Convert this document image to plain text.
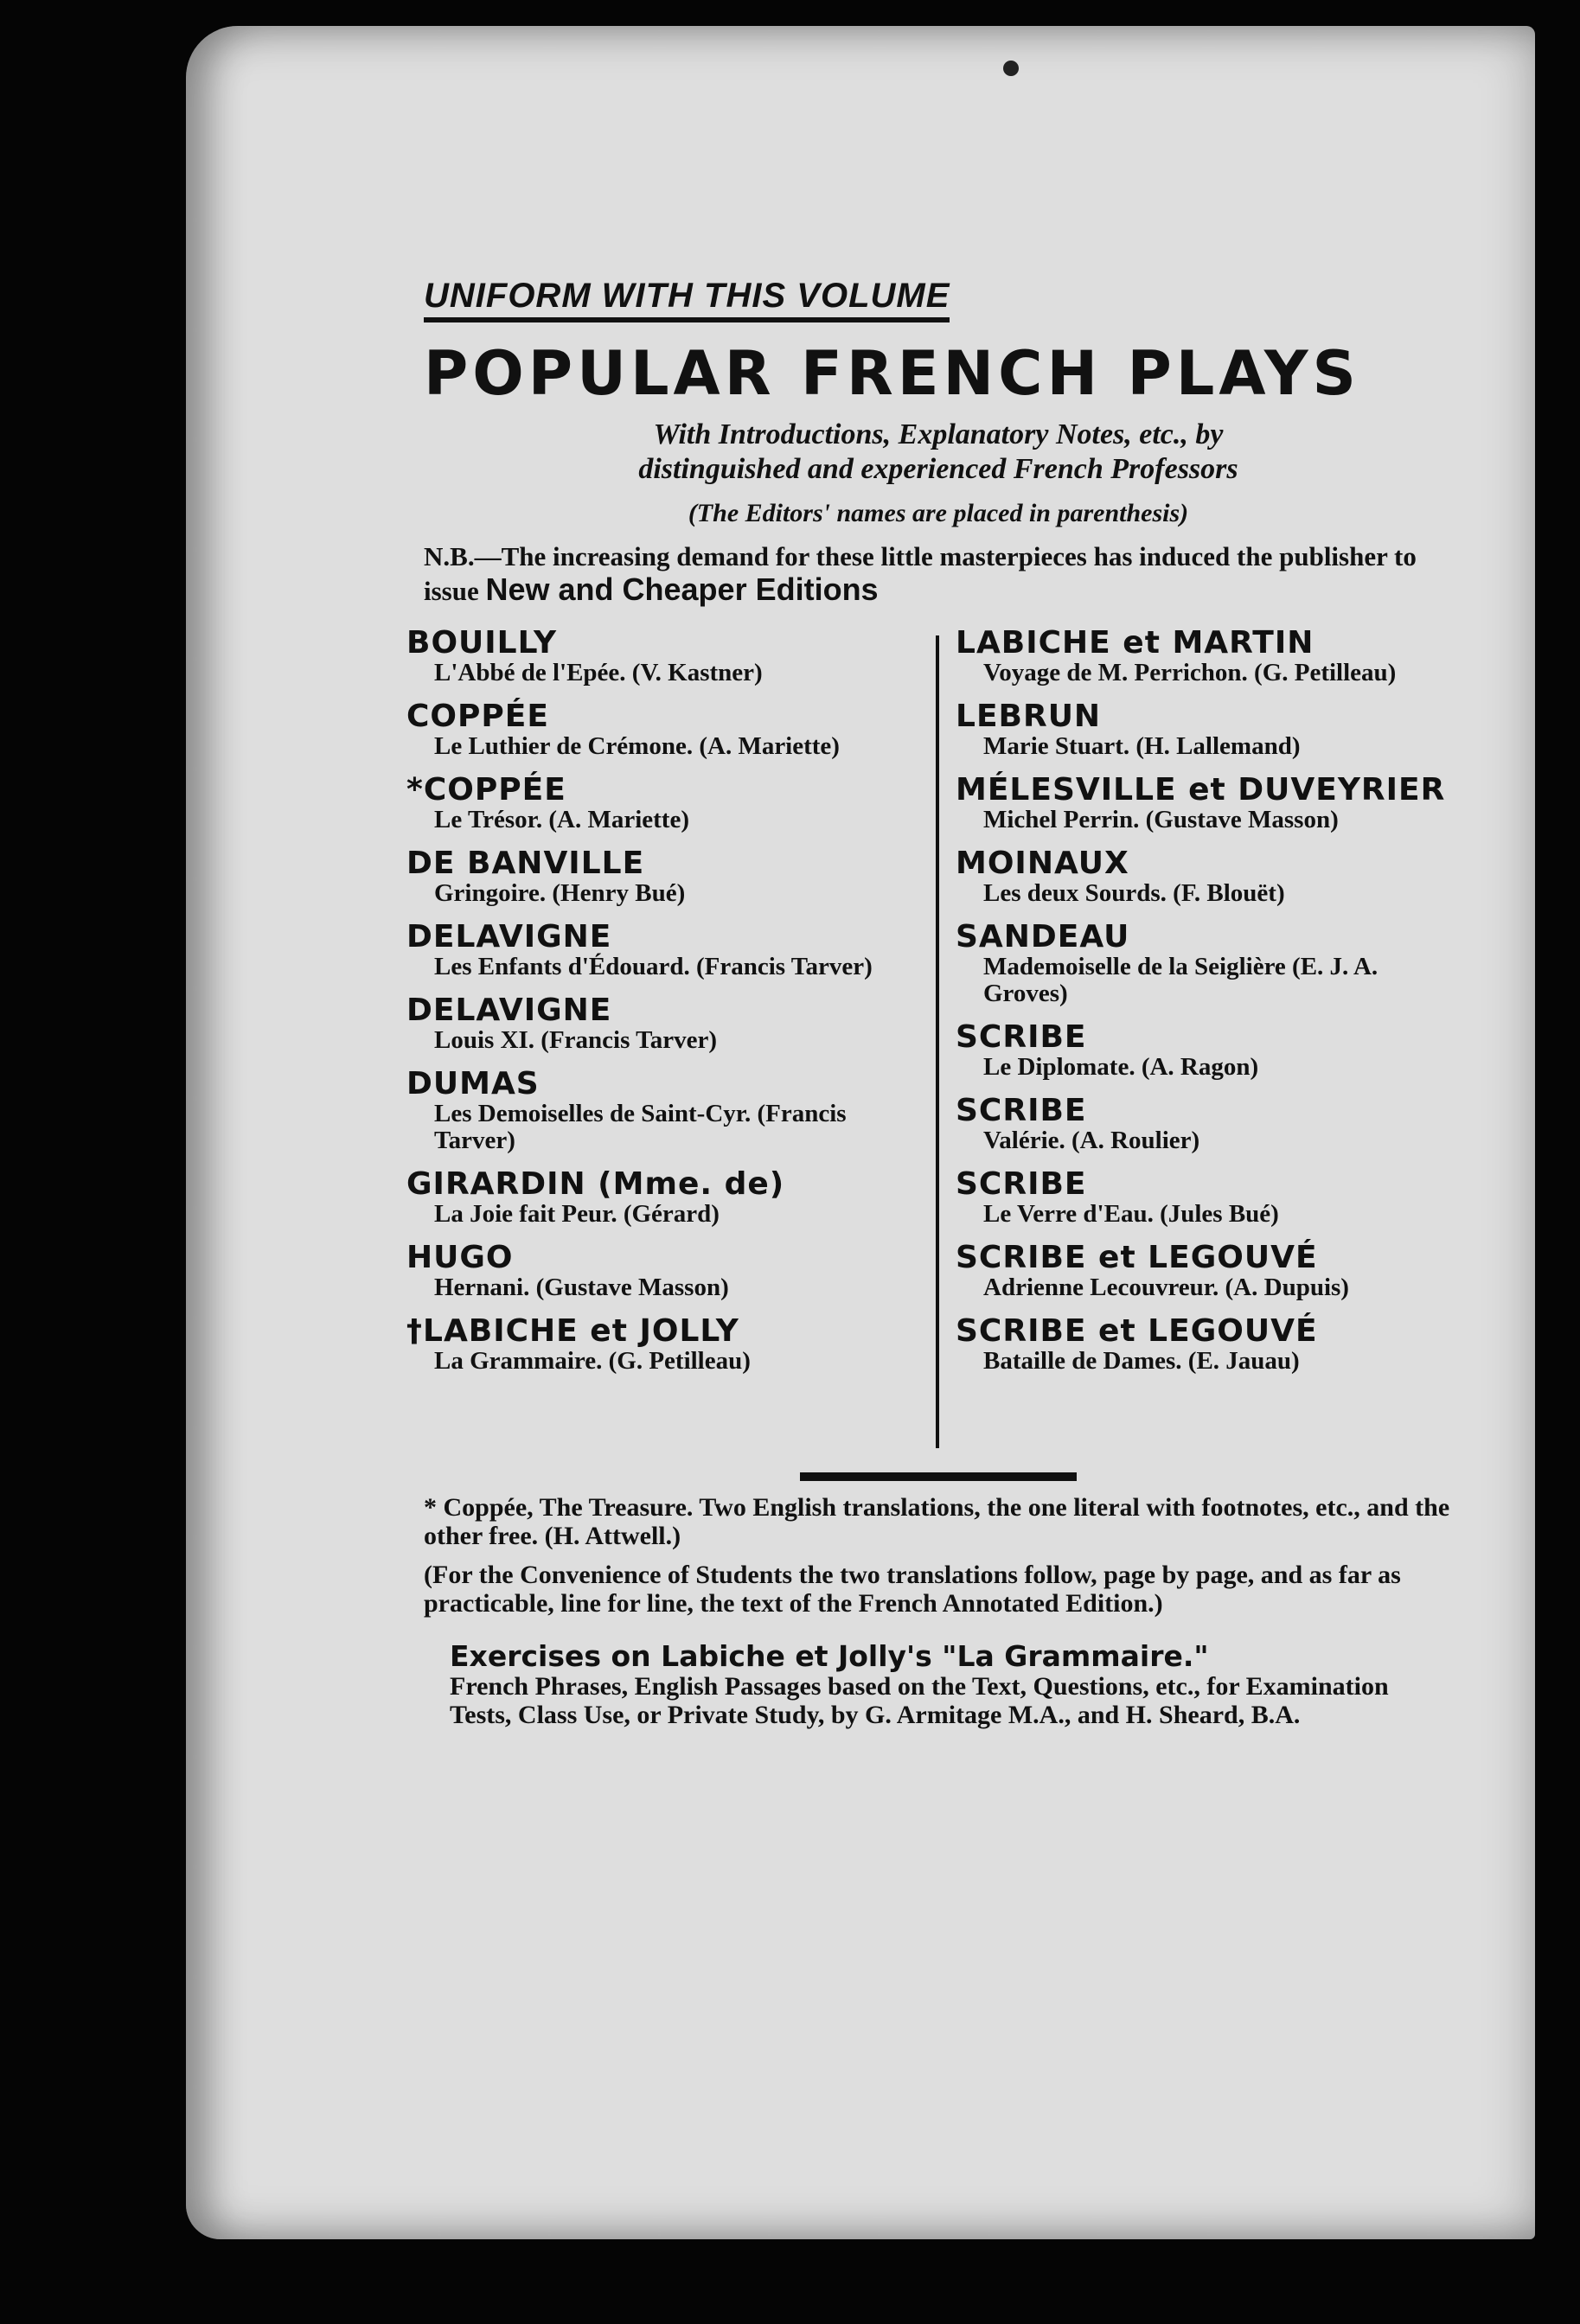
UNIFORM WITH THIS VOLUME
POPULAR FRENCH PLAYS
With Introductions, Explanatory Notes, etc., by
distinguished and experienced French Professors
(The Editors' names are placed in parenthesis)
N.B.—The increasing demand for these little masterpieces has induced the publisher to issue New and Cheaper Editions
BOUILLY
L'Abbé de l'Epée. (V. Kastner)
COPPÉE
Le Luthier de Crémone. (A. Mariette)
*COPPÉE
Le Trésor. (A. Mariette)
DE BANVILLE
Gringoire. (Henry Bué)
DELAVIGNE
Les Enfants d'Édouard. (Francis Tarver)
DELAVIGNE
Louis XI. (Francis Tarver)
DUMAS
Les Demoiselles de Saint-Cyr. (Francis Tarver)
GIRARDIN (Mme. de)
La Joie fait Peur. (Gérard)
HUGO
Hernani. (Gustave Masson)
†LABICHE et JOLLY
La Grammaire. (G. Petilleau)
LABICHE et MARTIN
Voyage de M. Perrichon. (G. Petilleau)
LEBRUN
Marie Stuart. (H. Lallemand)
MÉLESVILLE et DUVEYRIER
Michel Perrin. (Gustave Masson)
MOINAUX
Les deux Sourds. (F. Blouët)
SANDEAU
Mademoiselle de la Seiglière (E. J. A. Groves)
SCRIBE
Le Diplomate. (A. Ragon)
SCRIBE
Valérie. (A. Roulier)
SCRIBE
Le Verre d'Eau. (Jules Bué)
SCRIBE et LEGOUVÉ
Adrienne Lecouvreur. (A. Dupuis)
SCRIBE et LEGOUVÉ
Bataille de Dames. (E. Jauau)

* Coppée, The Treasure. Two English translations, the one literal with footnotes, etc., and the other free. (H. Attwell.)

(For the Convenience of Students the two translations follow, page by page, and as far as practicable, line for line, the text of the French Annotated Edition.)

Exercises on Labiche et Jolly's "La Grammaire."
French Phrases, English Passages based on the Text, Questions, etc., for Examination Tests, Class Use, or Private Study, by G. Armitage M.A., and H. Sheard, B.A.
